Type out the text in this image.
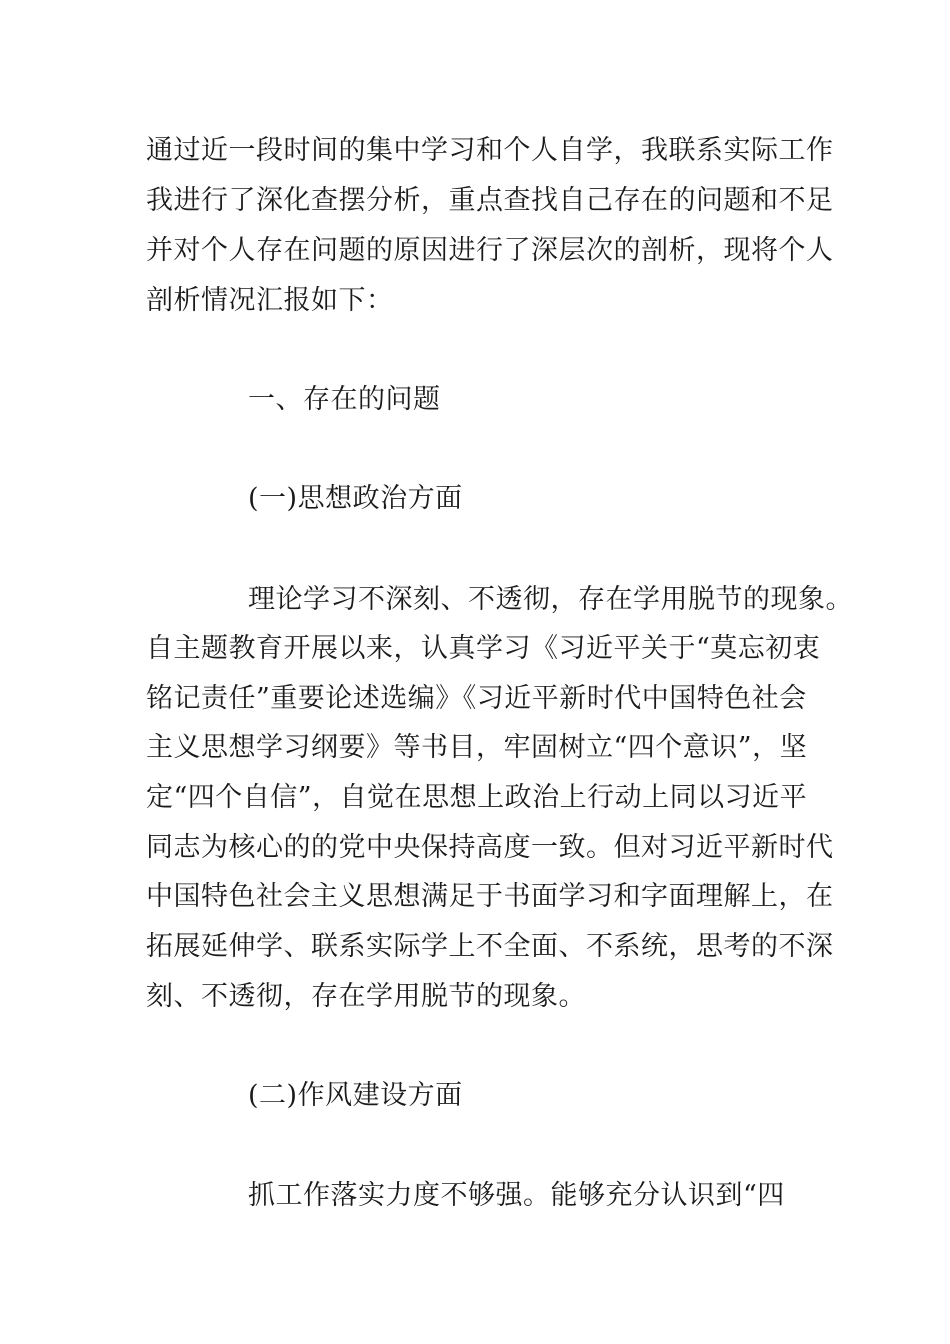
通过近一段时间的集中学习和个人自学，我联系实际工作
我进行了深化查摆分析，重点查找自己存在的问题和不足
并对个人存在问题的原因进行了深层次的剖析，现将个人
剖析情况汇报如下：
一、存在的问题
(一)思想政治方面
理论学习不深刻、不透彻，存在学用脱节的现象。
自主题教育开展以来，认真学习《习近平关于“莫忘初衷
铭记责任”重要论述选编》《习近平新时代中国特色社会
主义思想学习纲要》等书目，牢固树立“四个意识”，坚
定“四个自信”，自觉在思想上政治上行动上同以习近平
同志为核心的的党中央保持高度一致。但对习近平新时代
中国特色社会主义思想满足于书面学习和字面理解上，在
拓展延伸学、联系实际学上不全面、不系统，思考的不深
刻、不透彻，存在学用脱节的现象。
(二)作风建设方面
抓工作落实力度不够强。能够充分认识到“四
